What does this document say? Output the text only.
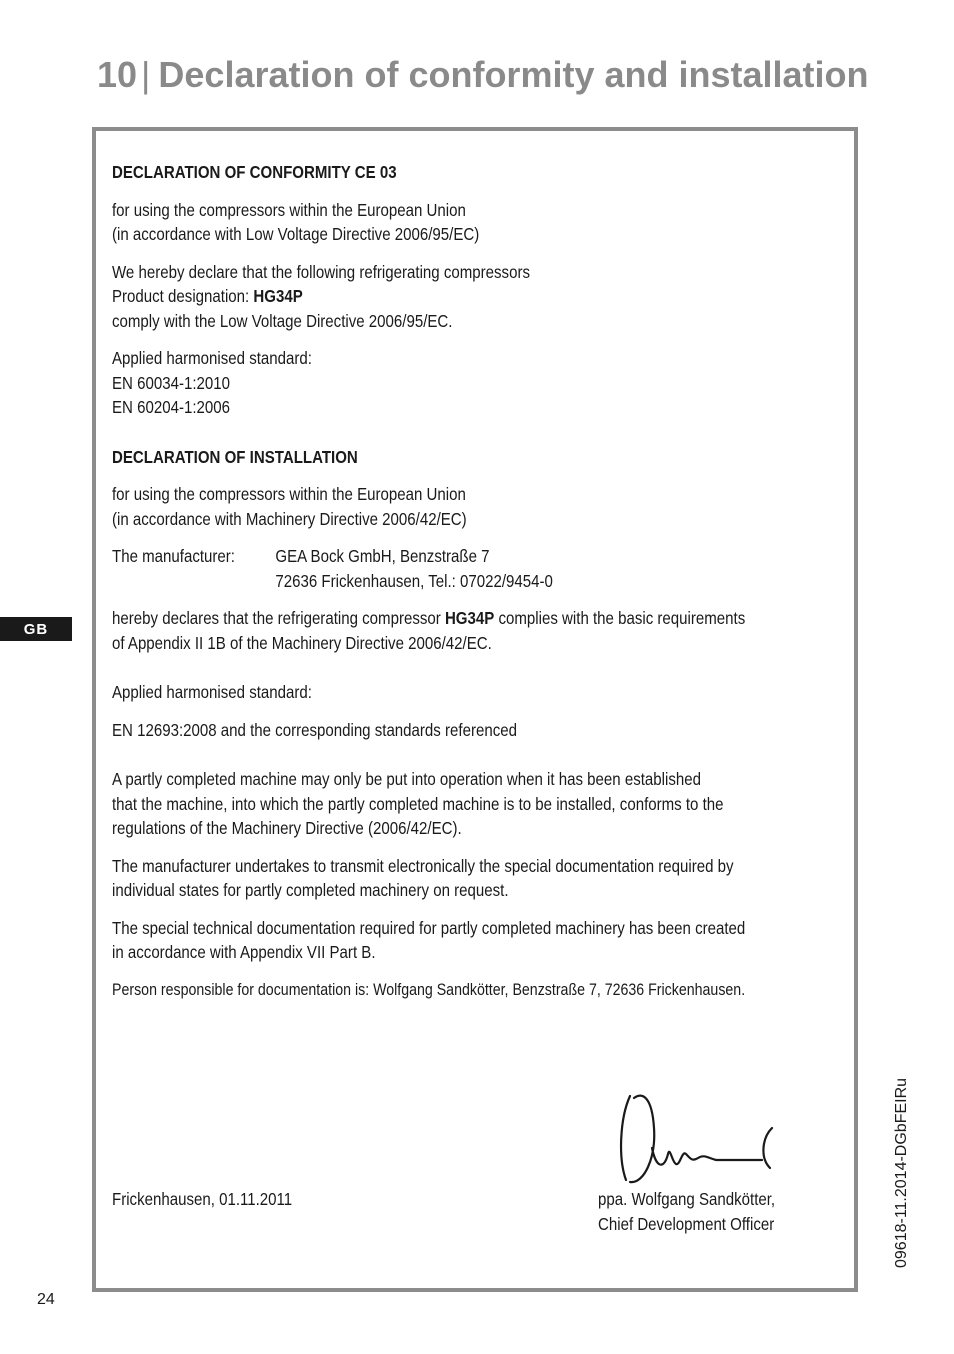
10 | Declaration of conformity and installation
GB

DECLARATION OF CONFORMITY CE 03

for using the compressors within the European Union

(in accordance with Low Voltage Directive 2006/95/EC)

We hereby declare that the following refrigerating compressors

Product designation: HG34P

comply with the Low Voltage Directive 2006/95/EC.

Applied harmonised standard:

EN 60034-1:2010

EN 60204-1:2006

DECLARATION OF INSTALLATION

for using the compressors within the European Union

(in accordance with Machinery Directive 2006/42/EC)

The manufacturer:	GEA Bock GmbH, Benzstraße 7

72636 Frickenhausen, Tel.: 07022/9454-0

hereby declares that the refrigerating compressor HG34P complies with the basic requirements

of Appendix II 1B of the Machinery Directive 2006/42/EC.

Applied harmonised standard:

EN 12693:2008 and the corresponding standards referenced

A partly completed machine may only be put into operation when it has been established

that the machine, into which the partly completed machine is to be installed, conforms to the

regulations of the Machinery Directive (2006/42/EC).

The manufacturer undertakes to transmit electronically the special documentation required by

individual states for partly completed machinery on request.

The special technical documentation required for partly completed machinery has been created

in accordance with Appendix VII Part B.

Person responsible for documentation is: Wolfgang Sandkötter, Benzstraße 7, 72636 Frickenhausen.

Frickenhausen, 01.11.2011	ppa. Wolfgang Sandkötter,
Chief Development Officer
24
09618-11.2014-DGbFEIRu
